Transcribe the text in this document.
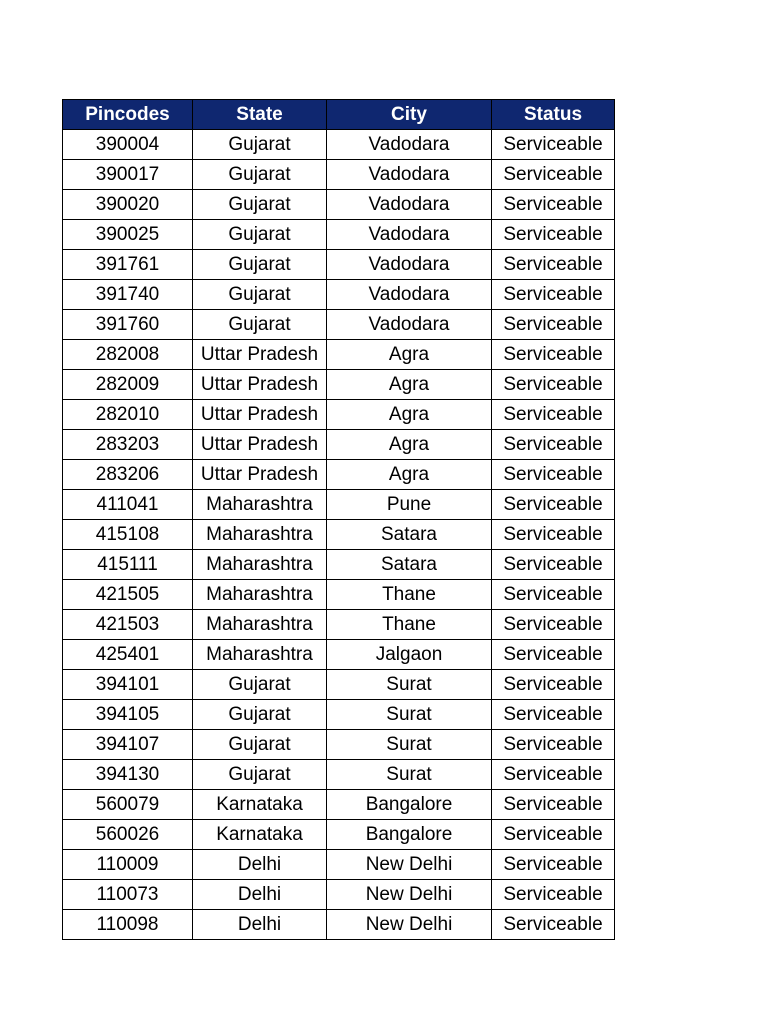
Pincodes	State	City	Status
390004	Gujarat	Vadodara	Serviceable
390017	Gujarat	Vadodara	Serviceable
390020	Gujarat	Vadodara	Serviceable
390025	Gujarat	Vadodara	Serviceable
391761	Gujarat	Vadodara	Serviceable
391740	Gujarat	Vadodara	Serviceable
391760	Gujarat	Vadodara	Serviceable
282008	Uttar Pradesh	Agra	Serviceable
282009	Uttar Pradesh	Agra	Serviceable
282010	Uttar Pradesh	Agra	Serviceable
283203	Uttar Pradesh	Agra	Serviceable
283206	Uttar Pradesh	Agra	Serviceable
411041	Maharashtra	Pune	Serviceable
415108	Maharashtra	Satara	Serviceable
415111	Maharashtra	Satara	Serviceable
421505	Maharashtra	Thane	Serviceable
421503	Maharashtra	Thane	Serviceable
425401	Maharashtra	Jalgaon	Serviceable
394101	Gujarat	Surat	Serviceable
394105	Gujarat	Surat	Serviceable
394107	Gujarat	Surat	Serviceable
394130	Gujarat	Surat	Serviceable
560079	Karnataka	Bangalore	Serviceable
560026	Karnataka	Bangalore	Serviceable
110009	Delhi	New Delhi	Serviceable
110073	Delhi	New Delhi	Serviceable
110098	Delhi	New Delhi	Serviceable
